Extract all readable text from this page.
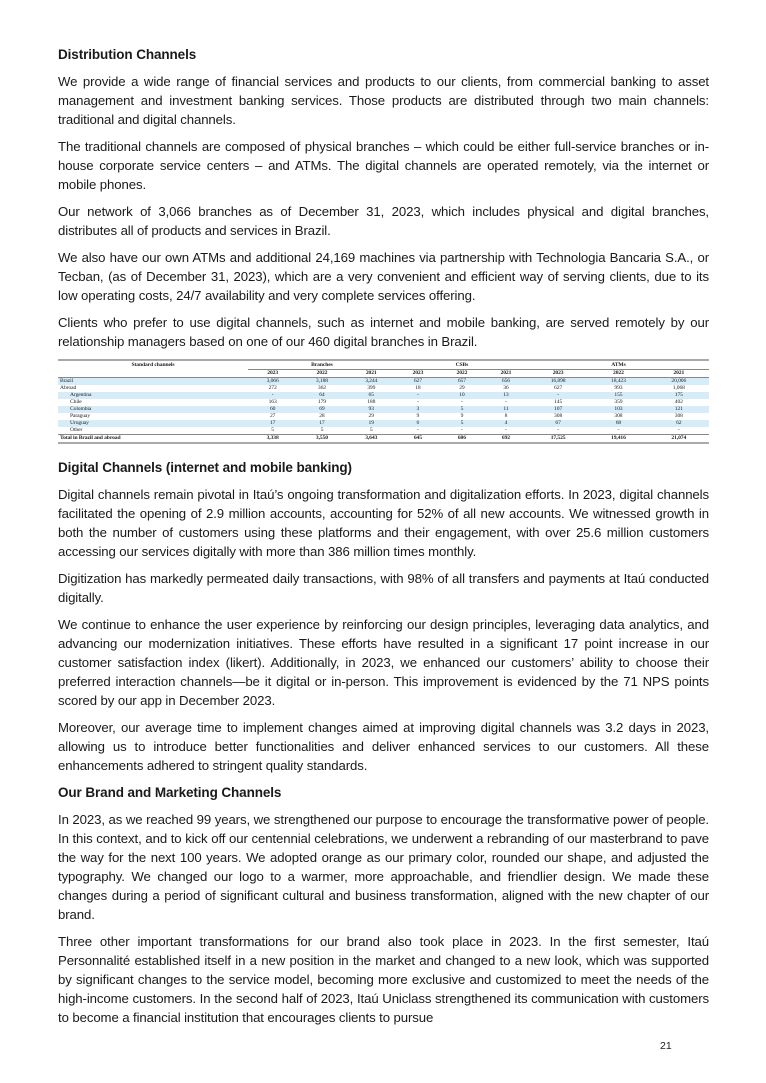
Distribution Channels

We provide a wide range of financial services and products to our clients, from commercial banking to asset management and investment banking services. Those products are distributed through two main channels: traditional and digital channels.

The traditional channels are composed of physical branches – which could be either full-service branches or in-house corporate service centers – and ATMs. The digital channels are operated remotely, via the internet or mobile phones.

Our network of 3,066 branches as of December 31, 2023, which includes physical and digital branches, distributes all of products and services in Brazil.

We also have our own ATMs and additional 24,169 machines via partnership with Technologia Bancaria S.A., or Tecban, (as of December 31, 2023), which are a very convenient and efficient way of serving clients, due to its low operating costs, 24/7 availability and very complete services offering.

Clients who prefer to use digital channels, such as internet and mobile banking, are served remotely by our relationship managers based on one of our 460 digital branches in Brazil.

Standard channels	Branches			CSBs			ATMs		
	2023	2022	2021	2023	2022	2021	2023	2022	2021
Brazil	3,066	3,188	3,244	627	657	656	16,898	18,423	20,006
Abroad	272	362	399	18	29	36	627	993	1,068
Argentina	-	64	65	-	10	13	-	155	175
Chile	163	179	188	-	-	-	145	359	402
Colombia	60	69	93	3	5	11	107	103	121
Paraguay	27	28	29	9	9	8	308	308	308
Uruguay	17	17	19	6	5	4	67	68	62
Other	5	5	5	-	-	-	-	-	-
Total in Brazil and abroad	3,338	3,550	3,643	645	686	692	17,525	19,416	21,074
Digital Channels (internet and mobile banking)

Digital channels remain pivotal in Itaú’s ongoing transformation and digitalization efforts. In 2023, digital channels facilitated the opening of 2.9 million accounts, accounting for 52% of all new accounts. We witnessed growth in both the number of customers using these platforms and their engagement, with over 25.6 million customers accessing our services digitally with more than 386 million times monthly.

Digitization has markedly permeated daily transactions, with 98% of all transfers and payments at Itaú conducted digitally.

We continue to enhance the user experience by reinforcing our design principles, leveraging data analytics, and advancing our modernization initiatives. These efforts have resulted in a significant 17 point increase in our customer satisfaction index (likert). Additionally, in 2023, we enhanced our customers’ ability to choose their preferred interaction channels—be it digital or in-person. This improvement is evidenced by the 71 NPS points scored by our app in December 2023.

Moreover, our average time to implement changes aimed at improving digital channels was 3.2 days in 2023, allowing us to introduce better functionalities and deliver enhanced services to our customers. All these enhancements adhered to stringent quality standards.

Our Brand and Marketing Channels

In 2023, as we reached 99 years, we strengthened our purpose to encourage the transformative power of people. In this context, and to kick off our centennial celebrations, we underwent a rebranding of our masterbrand to pave the way for the next 100 years. We adopted orange as our primary color, rounded our shape, and adjusted the typography. We changed our logo to a warmer, more approachable, and friendlier design. We made these changes during a period of significant cultural and business transformation, aligned with the new chapter of our brand.

Three other important transformations for our brand also took place in 2023. In the first semester, Itaú Personnalité established itself in a new position in the market and changed to a new look, which was supported by significant changes to the service model, becoming more exclusive and customized to meet the needs of the high-income customers. In the second half of 2023, Itaú Uniclass strengthened its communication with customers to become a financial institution that encourages clients to pursue

21
